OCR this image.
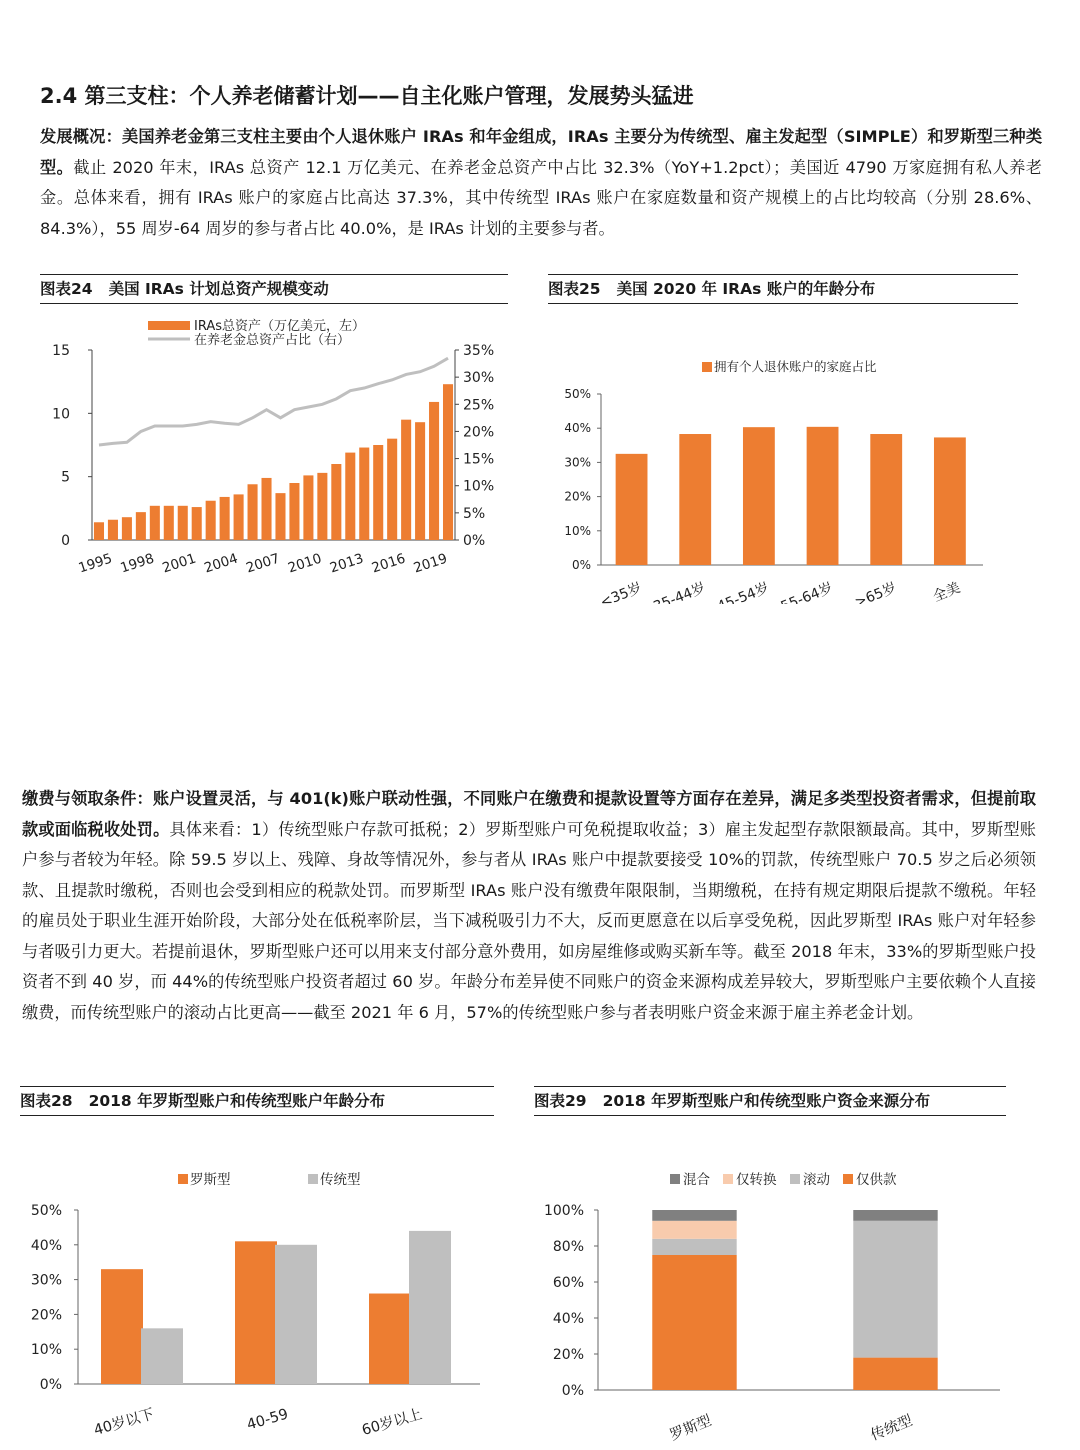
2.4 第三支柱：个人养老储蓄计划——自主化账户管理，发展势头猛进

发展概况：美国养老金第三支柱主要由个人退休账户 IRAs 和年金组成，IRAs 主要分为传统型、雇主发起型（SIMPLE）和罗斯型三种类型。截止 2020 年末，IRAs 总资产 12.1 万亿美元、在养老金总资产中占比 32.3%（YoY+1.2pct）；美国近 4790 万家庭拥有私人养老金。总体来看，拥有 IRAs 账户的家庭占比高达 37.3%，其中传统型 IRAs 账户在家庭数量和资产规模上的占比均较高（分别 28.6%、84.3%），55 周岁-64 周岁的参与者占比 40.0%，是 IRAs 计划的主要参与者。

图表24 美国 IRAs 计划总资产规模变动
IRAs总资产（万亿美元，左）
在养老金总资产占比（右）
0
5
10
15
0%
5%
10%
15%
20%
25%
30%
35%
1995 1998 2001 2004 2007 2010 2013 2016 2019
图表25 美国 2020 年 IRAs 账户的年龄分布
拥有个人退休账户的家庭占比
0%
10%
20%
30%
40%
50%
<35岁 35-44岁 45-54岁 55-64岁 >65岁 全美

缴费与领取条件：账户设置灵活，与 401(k)账户联动性强，不同账户在缴费和提款设置等方面存在差异，满足多类型投资者需求，但提前取款或面临税收处罚。具体来看：1）传统型账户存款可抵税；2）罗斯型账户可免税提取收益；3）雇主发起型存款限额最高。其中，罗斯型账户参与者较为年轻。除 59.5 岁以上、残障、身故等情况外，参与者从 IRAs 账户中提款要接受 10%的罚款，传统型账户 70.5 岁之后必须领款、且提款时缴税，否则也会受到相应的税款处罚。而罗斯型 IRAs 账户没有缴费年限限制，当期缴税，在持有规定期限后提款不缴税。年轻的雇员处于职业生涯开始阶段，大部分处在低税率阶层，当下减税吸引力不大，反而更愿意在以后享受免税，因此罗斯型 IRAs 账户对年轻参与者吸引力更大。若提前退休，罗斯型账户还可以用来支付部分意外费用，如房屋维修或购买新车等。截至 2018 年末，33%的罗斯型账户投资者不到 40 岁，而 44%的传统型账户投资者超过 60 岁。年龄分布差异使不同账户的资金来源构成差异较大，罗斯型账户主要依赖个人直接缴费，而传统型账户的滚动占比更高——截至 2021 年 6 月，57%的传统型账户参与者表明账户资金来源于雇主养老金计划。

图表28 2018 年罗斯型账户和传统型账户年龄分布
罗斯型	传统型
0%
10%
20%
30%
40%
50%
40岁以下	40-59	60岁以上
图表29 2018 年罗斯型账户和传统型账户资金来源分布
混合 仅转换 滚动 仅供款
0%
20%
40%
60%
80%
100%
罗斯型	传统型
